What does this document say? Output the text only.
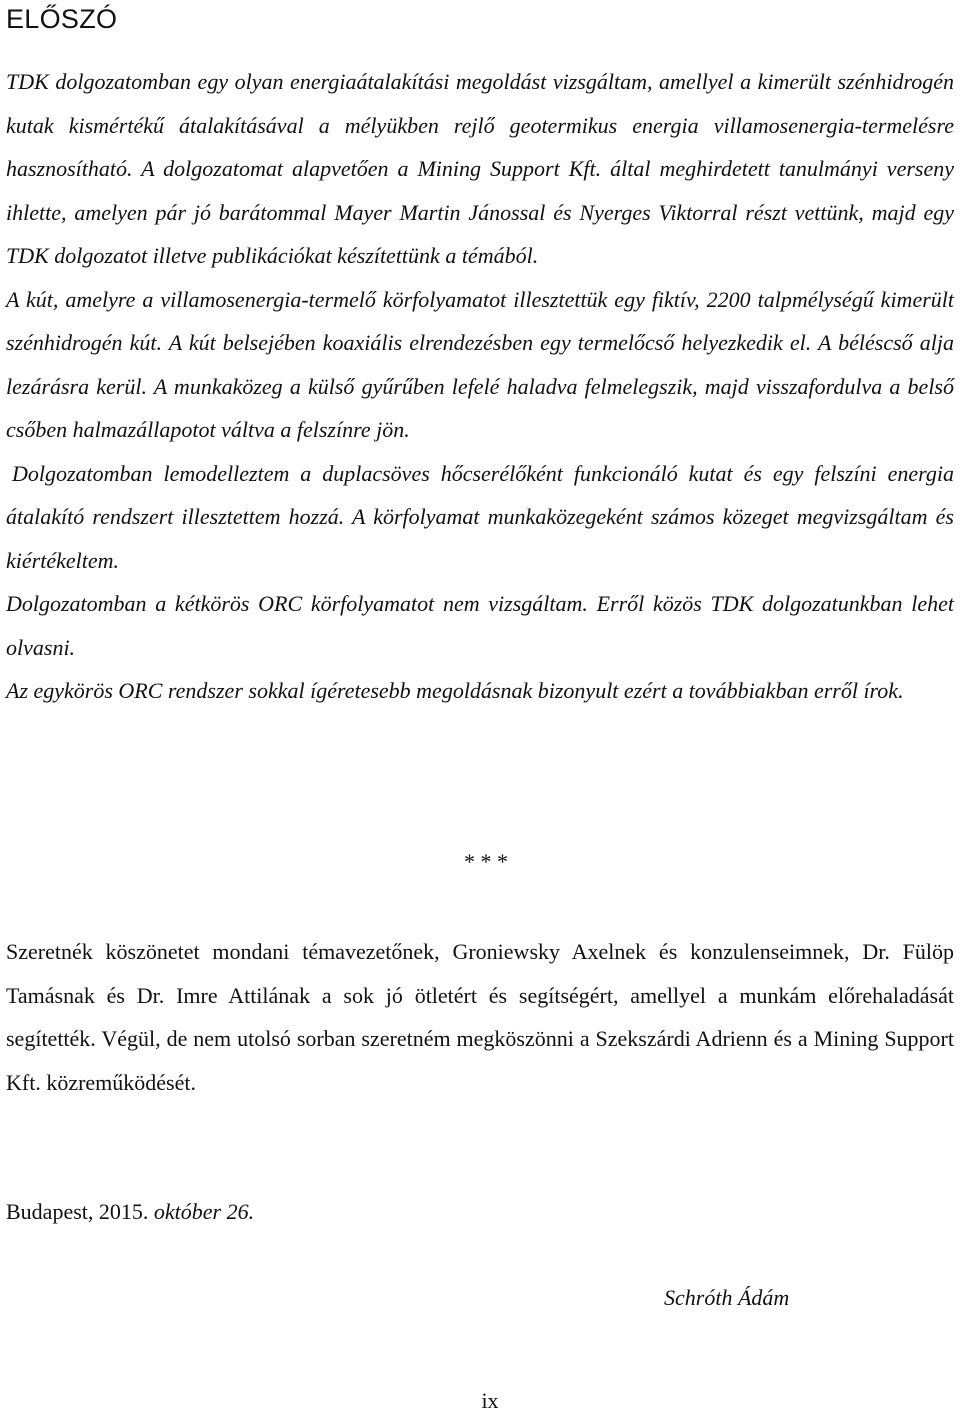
ELŐSZÓ

TDK dolgozatomban egy olyan energiaátalakítási megoldást vizsgáltam, amellyel a kimerült szénhidrogén kutak kismértékű átalakításával a mélyükben rejlő geotermikus energia villamosenergia-termelésre hasznosítható. A dolgozatomat alapvetően a Mining Support Kft. által meghirdetett tanulmányi verseny ihlette, amelyen pár jó barátommal Mayer Martin Jánossal és Nyerges Viktorral részt vettünk, majd egy TDK dolgozatot illetve publikációkat készítettünk a témából.

A kút, amelyre a villamosenergia-termelő körfolyamatot illesztettük egy fiktív, 2200 talpmélységű kimerült szénhidrogén kút. A kút belsejében koaxiális elrendezésben egy termelőcső helyezkedik el. A béléscső alja lezárásra kerül. A munkaközeg a külső gyűrűben lefelé haladva felmelegszik, majd visszafordulva a belső csőben halmazállapotot váltva a felszínre jön.

Dolgozatomban lemodelleztem a duplacsöves hőcserélőként funkcionáló kutat és egy felszíni energia átalakító rendszert illesztettem hozzá. A körfolyamat munkaközegeként számos közeget megvizsgáltam és kiértékeltem.

Dolgozatomban a kétkörös ORC körfolyamatot nem vizsgáltam. Erről közös TDK dolgozatunkban lehet olvasni.

Az egykörös ORC rendszer sokkal ígéretesebb megoldásnak bizonyult ezért a továbbiakban erről írok.

* * *

Szeretnék köszönetet mondani témavezetőnek, Groniewsky Axelnek és konzulenseimnek, Dr. Fülöp Tamásnak és Dr. Imre Attilának a sok jó ötletért és segítségért, amellyel a munkám előrehaladását segítették. Végül, de nem utolsó sorban szeretném megköszönni a Szekszárdi Adrienn és a Mining Support Kft. közreműködését.

Budapest, 2015. október 26.

Schróth Ádám

ix
